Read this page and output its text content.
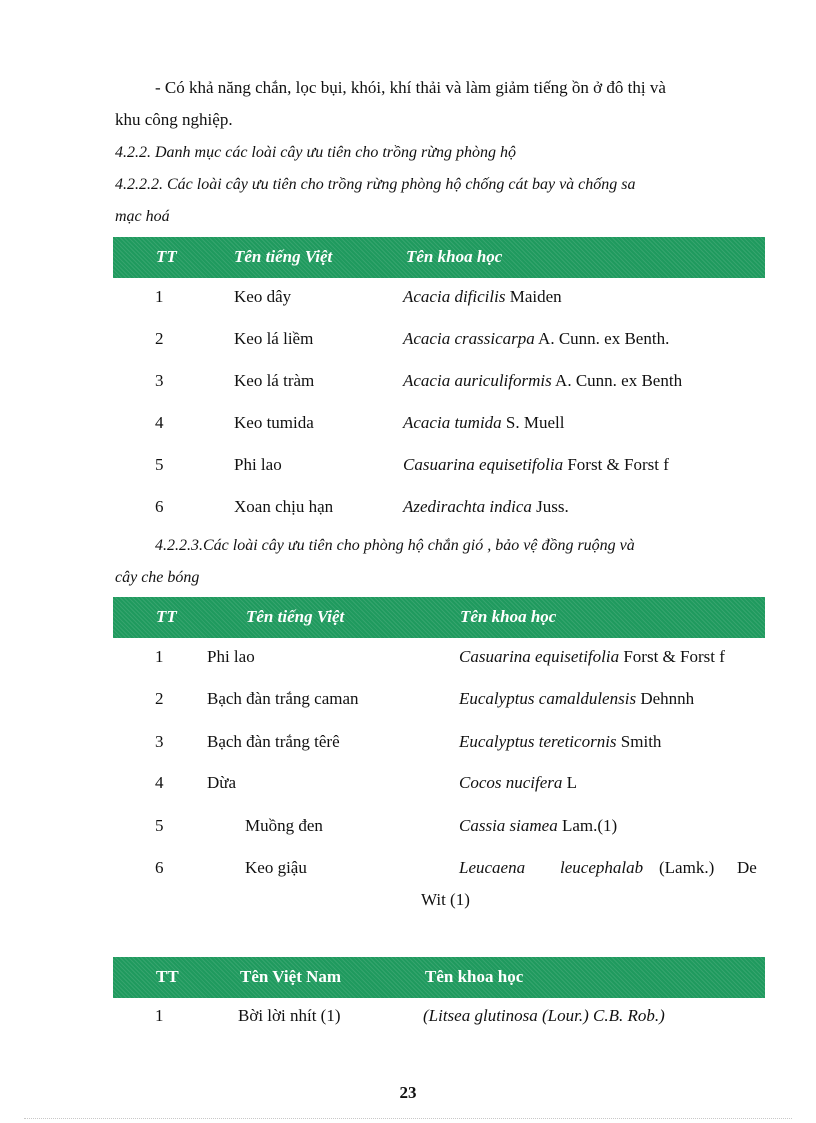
- Có khả năng chắn, lọc bụi, khói, khí thải và làm giảm tiếng ồn ở đô thị và
khu công nghiệp.
4.2.2. Danh mục các loài cây ưu tiên cho trồng rừng phòng hộ
4.2.2.2. Các loài cây ưu tiên cho trồng rừng phòng hộ chống cát bay và chống sa
mạc hoá
TT	Tên tiếng Việt	Tên khoa học
1	Keo dây	Acacia dificilis Maiden
2	Keo lá liềm	Acacia crassicarpa A. Cunn. ex Benth.
3	Keo lá tràm	Acacia auriculiformis A. Cunn. ex Benth
4	Keo tumida	Acacia tumida S. Muell
5	Phi lao	Casuarina equisetifolia Forst & Forst f
6	Xoan chịu hạn	Azedirachta indica Juss.
4.2.2.3.Các loài cây ưu tiên cho phòng hộ chắn gió , bảo vệ đồng ruộng và
cây che bóng
TT	Tên tiếng Việt	Tên khoa học
1	Phi lao	Casuarina equisetifolia Forst & Forst f
2	Bạch đàn trắng caman	Eucalyptus camaldulensis Dehnnh
3	Bạch đàn trắng têrê	Eucalyptus tereticornis Smith
4	Dừa	Cocos nucifera L
5	Muồng đen	Cassia siamea Lam.(1)
6	Keo giậu	Leucaena leucephalab (Lamk.) De
Wit (1)
TT	Tên Việt Nam	Tên khoa học
1	Bời lời nhít (1)	(Litsea glutinosa (Lour.) C.B. Rob.)
23
